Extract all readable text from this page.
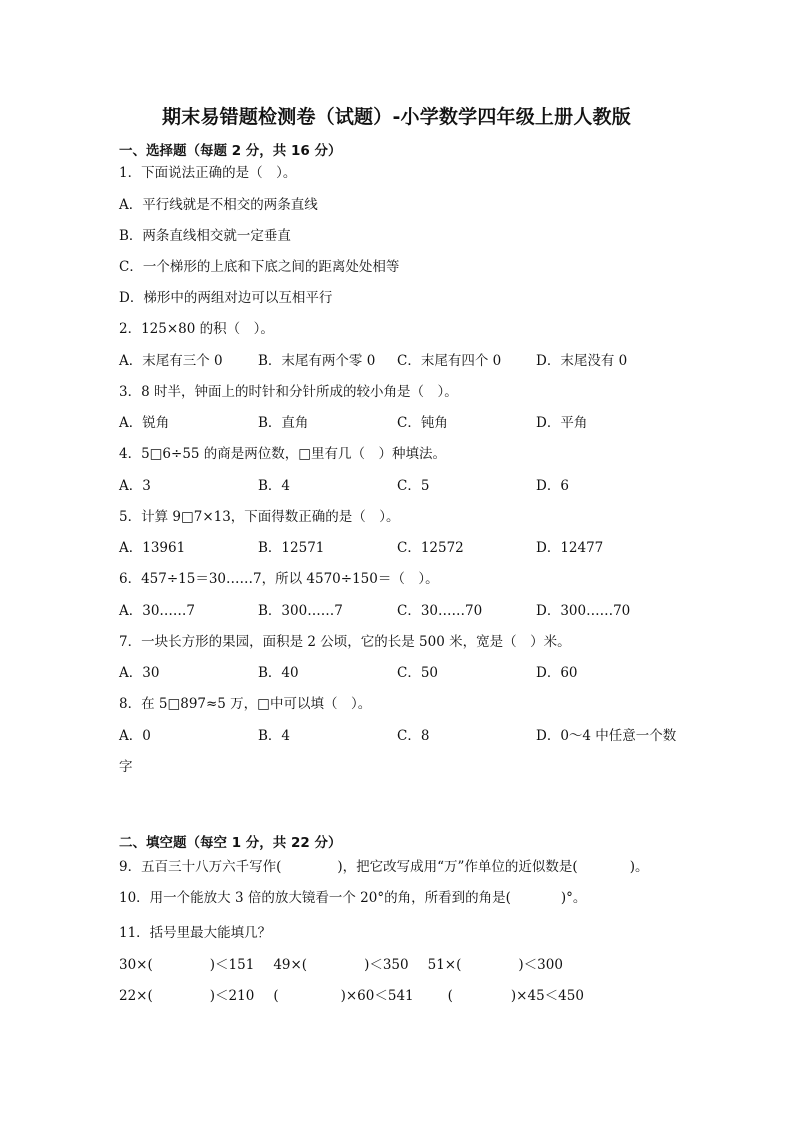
期末易错题检测卷（试题）-小学数学四年级上册人教版
一、选择题（每题 2 分，共 16 分）
1．下面说法正确的是（　）。
A．平行线就是不相交的两条直线
B．两条直线相交就一定垂直
C．一个梯形的上底和下底之间的距离处处相等
D．梯形中的两组对边可以互相平行
2．125×80 的积（　）。
A．末尾有三个 0	B．末尾有两个零 0 C．末尾有四个 0	D．末尾没有 0
3．8 时半，钟面上的时针和分针所成的较小角是（　）。
A．锐角	B．直角	C．钝角	D．平角
4．5□6÷55 的商是两位数，□里有几（　）种填法。
A．3	B．4	C．5	D．6
5．计算 9□7×13，下面得数正确的是（　）。
A．13961	B．12571	C．12572	D．12477
6．457÷15＝30……7，所以 4570÷150＝（　）。
A．30……7	B．300……7	C．30……70	D．300……70
7．一块长方形的果园，面积是 2 公顷，它的长是 500 米，宽是（　）米。
A．30	B．40	C．50	D．60
8．在 5□897≈5 万，□中可以填（　）。
A．0	B．4	C．8	D．0～4 中任意一个数
字
二、填空题（每空 1 分，共 22 分）
9．五百三十八万六千写作(	)，把它改写成用“万”作单位的近似数是(	)。
10．用一个能放大 3 倍的放大镜看一个 20°的角，所看到的角是(	)°。
11．括号里最大能填几？
30×(	)＜151 49×(	)＜350 51×(	)＜300
22×(	)＜210 (	)×60＜541	(	)×45＜450
